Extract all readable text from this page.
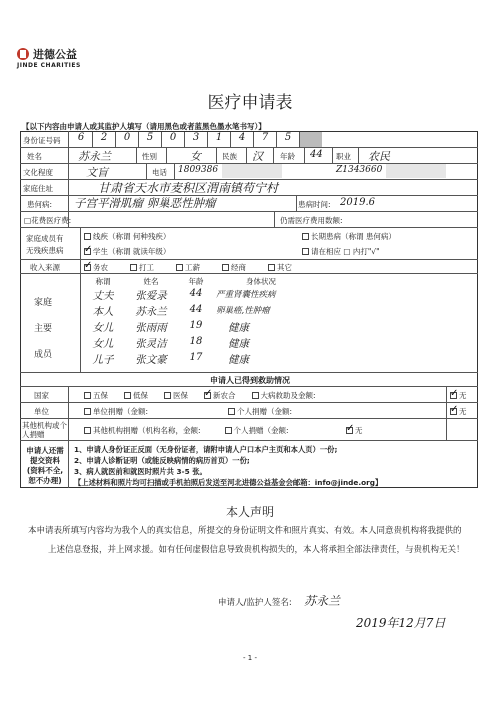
进德公益
JINDE CHARITIES
医疗申请表
【以下内容由申请人或其监护人填写（请用黑色或者蓝黑色墨水笔书写）】
身份证号码	6	2	0	5	0	3	1	4	7	5
姓名	苏永兰	性别	女	民族 汉 年龄 44 职业 农民
文化程度	文盲	电话 1809386	Z1343660
家庭住址	甘肃省天水市麦积区渭南镇苟宁村
患何病: 子宫平滑肌瘤 卵巢恶性肿瘤	患病时间: 2019.6
□花费医疗费:	仍需医疗费用数额:
家庭成员有
无残疾患病
线疾（称谓 何种残疾）	长期患病（称谓 患何病）
✓学生（称谓 就读年级）	请在相应 □ 内打"√"
收入来源 ✓	务农	打工	工薪	经商	其它
家庭
主要
成员
称谓	姓名	年龄	身体状况
丈夫	张爱录	44	严重肾囊性疾病
本人	苏永兰	44	卵巢癌,性肿瘤
女儿	张雨雨	19	健康
女儿	张灵洁	18	健康
儿子	张文豪	17	健康
申请人已得到救助情况
国家	五保	低保	医保 ✓	新农合	大病救助及金额: ✓	无
单位	单位捐赠（金额:	个人捐赠（金额: ✓	无
其他机构或个人捐赠	其他机构捐赠（机构名称，金额:	个人捐赠（金额: ✓	无
申请人还需
提交资料
(资料不全,
恕不办理)
1、申请人身份证正反面（无身份证者，请附申请人户口本户主页和本人页）一份;
2、申请人诊断证明（或能反映病情的病历首页）一份;
3、病人就医前和就医时照片共 3-5 张。
【上述材料和照片均可扫描或手机拍照后发送至河北进德公益基金会邮箱：info@jinde.org】
本人声明
本申请表所填写内容均为我个人的真实信息，所提交的身份证明文件和照片真实、有效。本人同意贵机构将我提供的上述信息登报，并上网求援。如有任何虚假信息导致贵机构损失的，本人将承担全部法律责任，与贵机构无关！
申请人/监护人签名: 苏永兰
2019年12月7日
- 1 -
